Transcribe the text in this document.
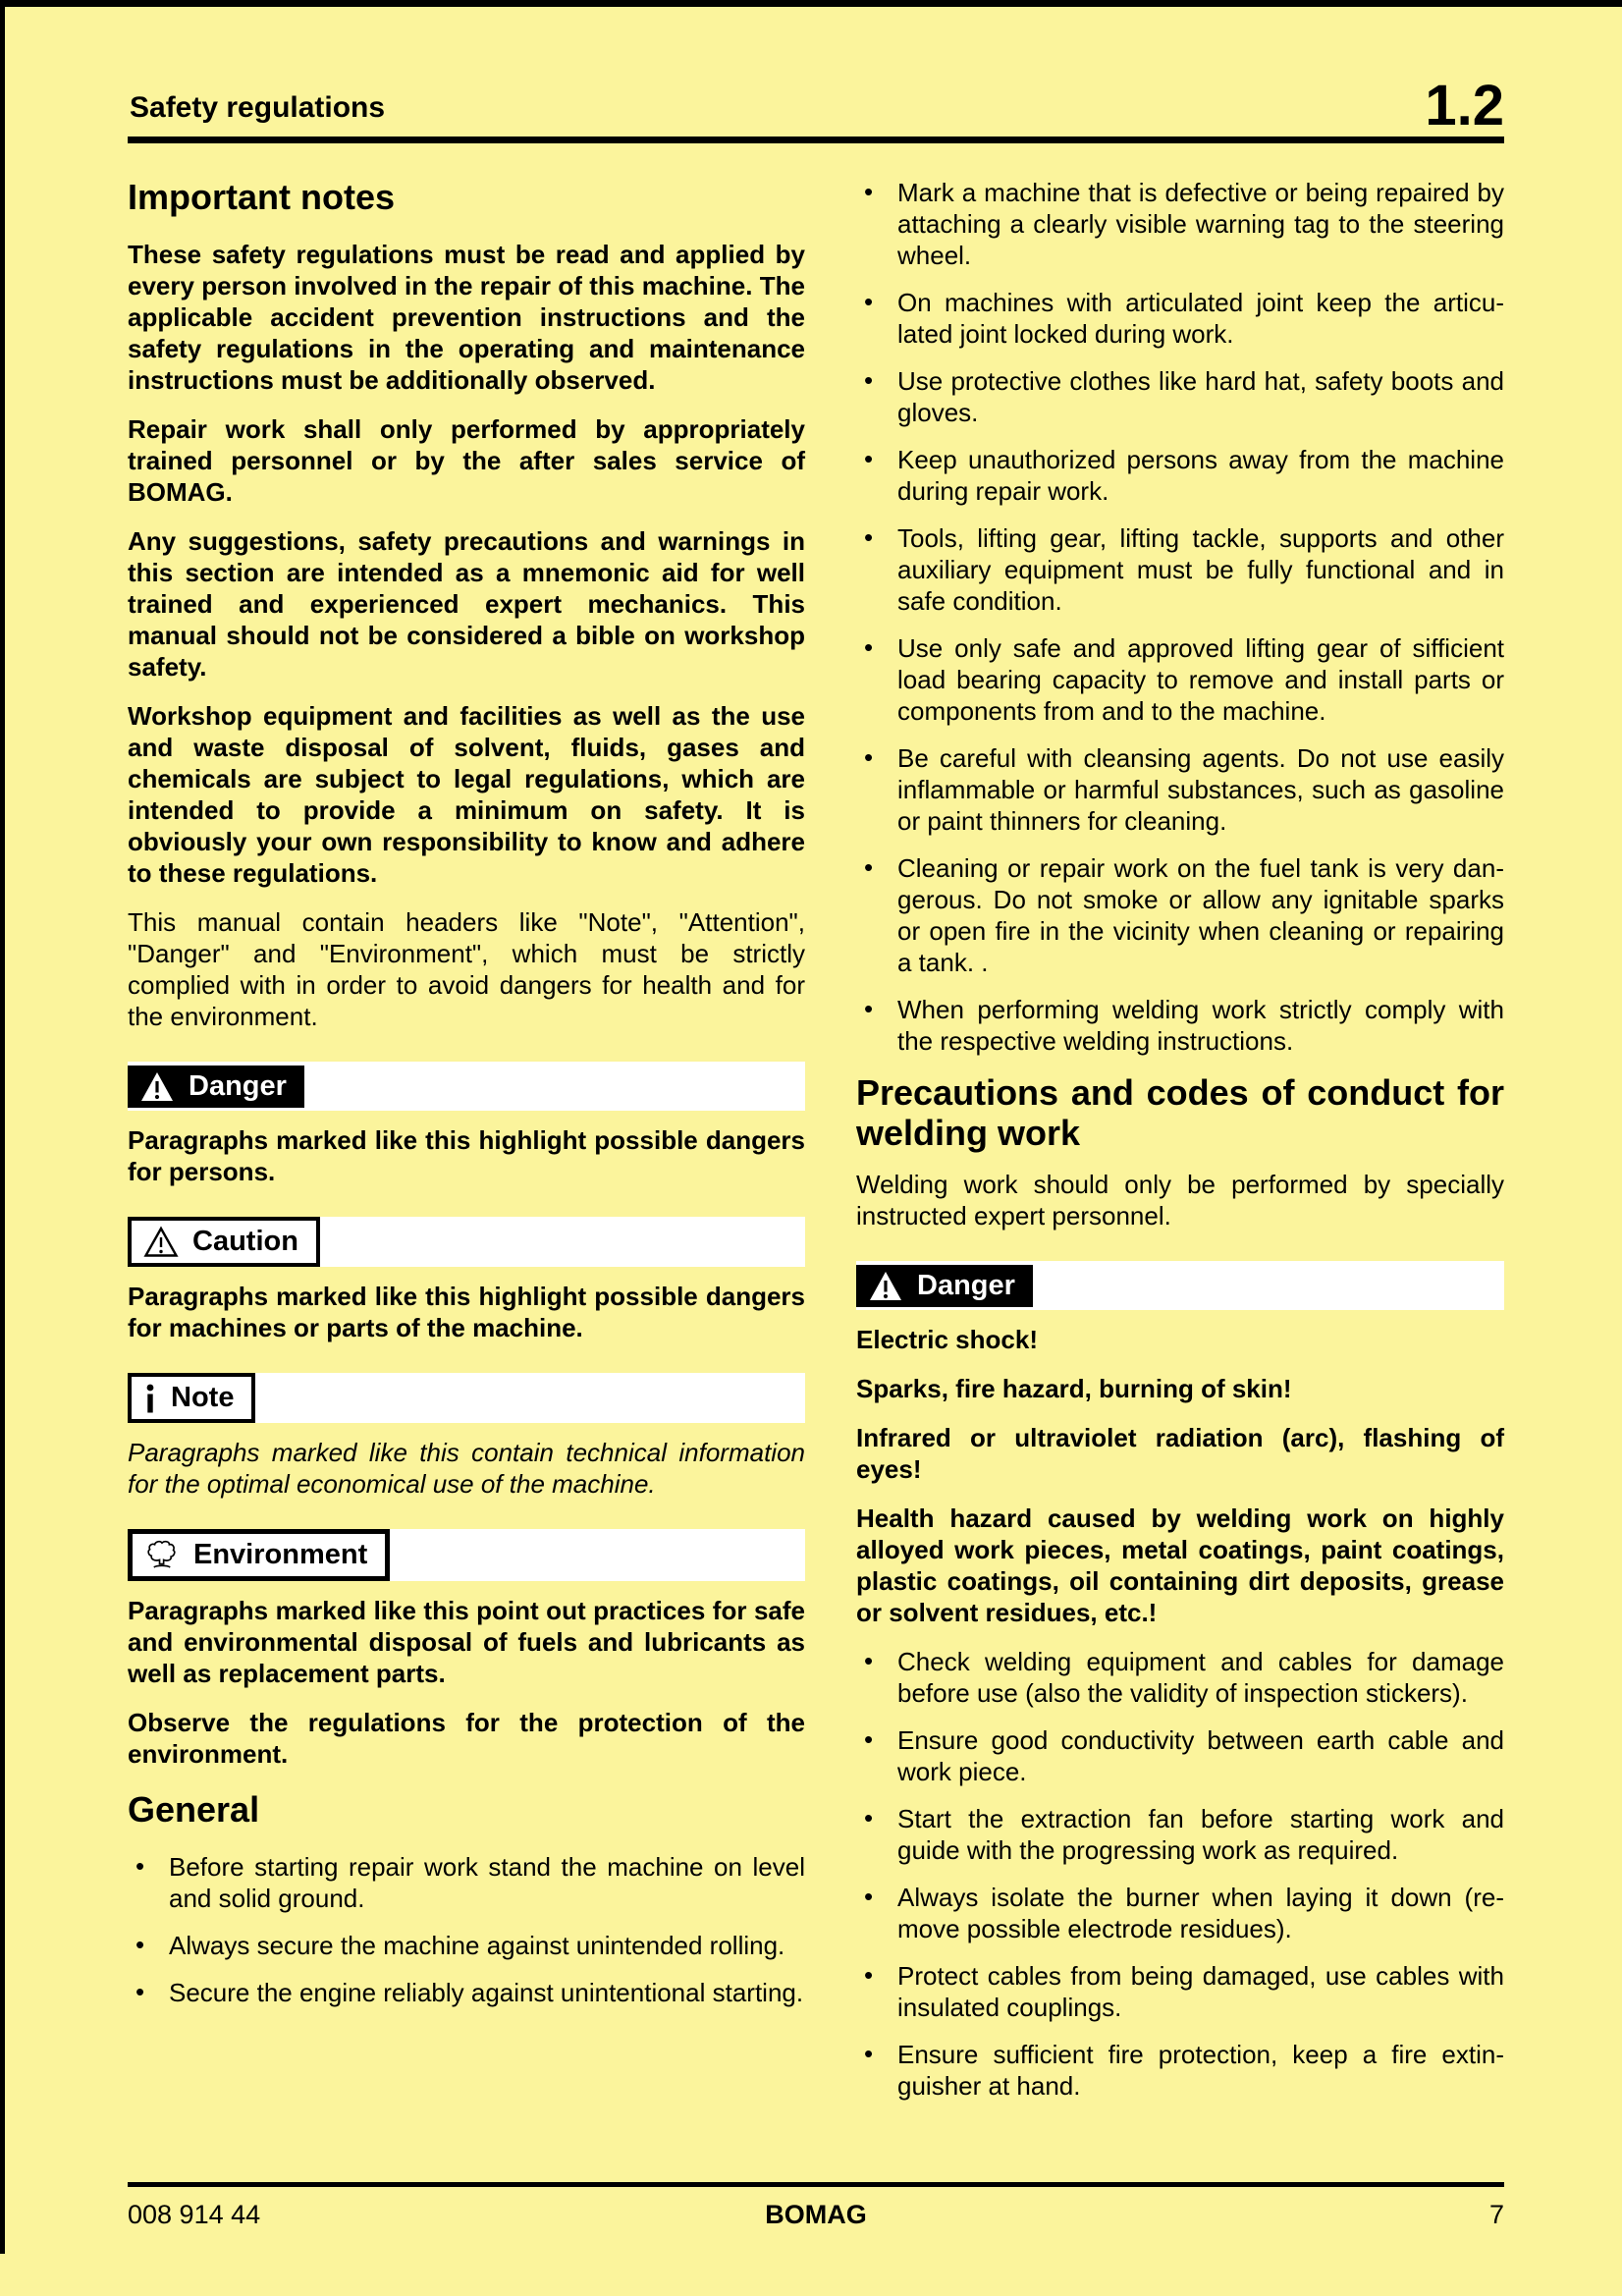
Safety regulations	1.2
Important notes

These safety regulations must be read and applied by every person involved in the repair of this machine. The applicable accident prevention instructions and the safety regulations in the operating and maintenance instructions must be additionally observed.

Repair work shall only performed by appropriately trained personnel or by the after sales service of BOMAG.

Any suggestions, safety precautions and warnings in this section are intended as a mnemonic aid for well trained and experienced expert mechanics. This manual should not be considered a bible on workshop safety.

Workshop equipment and facilities as well as the use and waste disposal of solvent, fluids, gases and chemicals are subject to legal regulations, which are intended to provide a minimum on safety. It is obviously your own responsibility to know and adhere to these regulations.

This manual contain headers like "Note", "Attention", "Danger" and "Environment", which must be strictly complied with in order to avoid dangers for health and for the environment.

Danger

Paragraphs marked like this highlight possible dangers for persons.

Caution

Paragraphs marked like this highlight possible dangers for machines or parts of the machine.

Note

Paragraphs marked like this contain technical information for the optimal economical use of the machine.

Environment

Paragraphs marked like this point out practices for safe and environmental disposal of fuels and lubricants as well as replacement parts.

Observe the regulations for the protection of the environment.

General
• Before starting repair work stand the machine on level and solid ground.
• Always secure the machine against unintended rolling.
• Secure the engine reliably against unintentional starting.
• Mark a machine that is defective or being repaired by attaching a clearly visible warning tag to the steering wheel.
• On machines with articulated joint keep the articulated joint locked during work.
• Use protective clothes like hard hat, safety boots and gloves.
• Keep unauthorized persons away from the machine during repair work.
• Tools, lifting gear, lifting tackle, supports and other auxiliary equipment must be fully functional and in safe condition.
• Use only safe and approved lifting gear of sifficient load bearing capacity to remove and install parts or components from and to the machine.
• Be careful with cleansing agents. Do not use easily inflammable or harmful substances, such as gasoline or paint thinners for cleaning.
• Cleaning or repair work on the fuel tank is very dangerous. Do not smoke or allow any ignitable sparks or open fire in the vicinity when cleaning or repairing a tank. .
• When performing welding work strictly comply with the respective welding instructions.
Precautions and codes of conduct for welding work

Welding work should only be performed by specially instructed expert personnel.

Danger

Electric shock!

Sparks, fire hazard, burning of skin!

Infrared or ultraviolet radiation (arc), flashing of eyes!

Health hazard caused by welding work on highly alloyed work pieces, metal coatings, paint coatings, plastic coatings, oil containing dirt deposits, grease or solvent residues, etc.!

• Check welding equipment and cables for damage before use (also the validity of inspection stickers).
• Ensure good conductivity between earth cable and work piece.
• Start the extraction fan before starting work and guide with the progressing work as required.
• Always isolate the burner when laying it down (remove possible electrode residues).
• Protect cables from being damaged, use cables with insulated couplings.
• Ensure sufficient fire protection, keep a fire extinguisher at hand.
008 914 44	BOMAG	7
